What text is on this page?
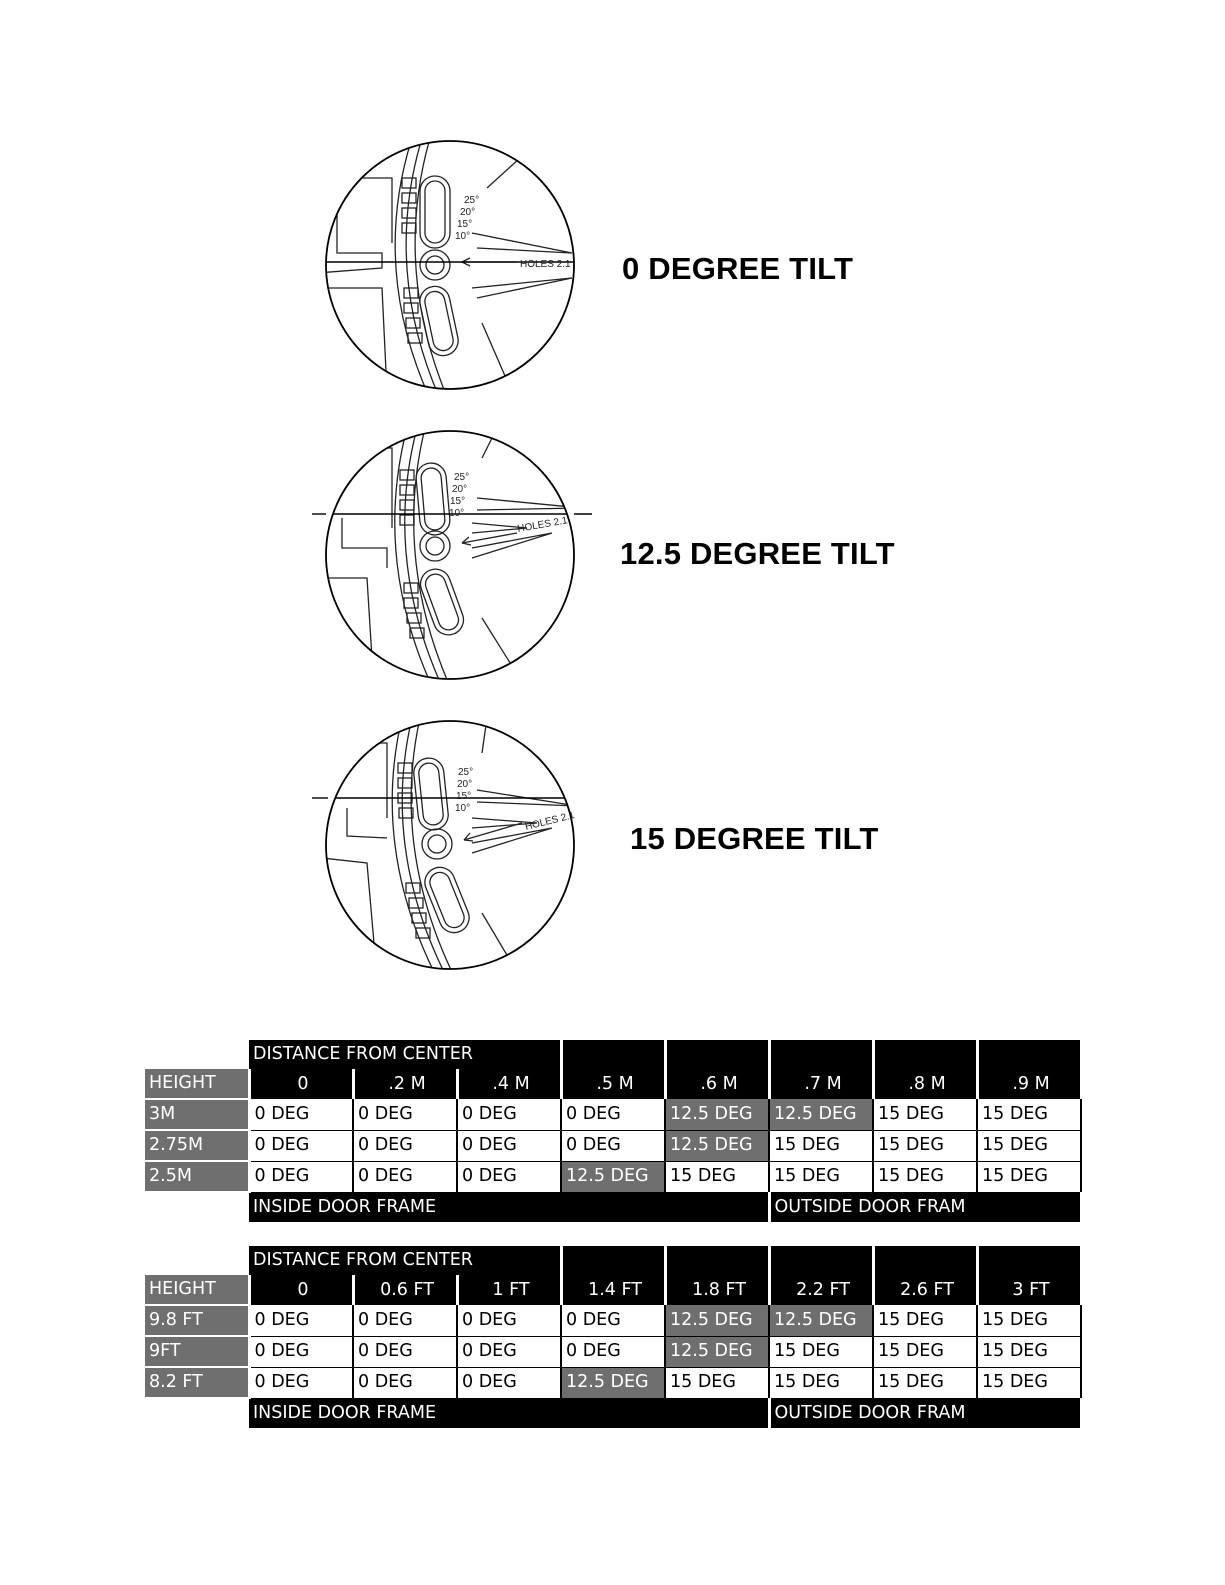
25°
20°
15°
10°
HOLES 2.1 0 DEGREE TILT
25°
20°
15°
10°
HOLES 2.1
12.5 DEGREE TILT
25°
20°
15°
10°
HOLES 2.1 15 DEGREE TILT
	DISTANCE FROM CENTER							
HEIGHT	0	.2 M	.4 M	.5 M	.6 M	.7 M	.8 M	.9 M
3M	0 DEG	0 DEG	0 DEG	0 DEG	12.5 DEG	12.5 DEG	15 DEG	15 DEG
2.75M	0 DEG	0 DEG	0 DEG	0 DEG	12.5 DEG	15 DEG	15 DEG	15 DEG
2.5M	0 DEG	0 DEG	0 DEG	12.5 DEG	15 DEG	15 DEG	15 DEG	15 DEG
	INSIDE DOOR FRAME					OUTSIDE DOOR FRAM		
	DISTANCE FROM CENTER							
HEIGHT	0	0.6 FT	1 FT	1.4 FT	1.8 FT	2.2 FT	2.6 FT	3 FT
9.8 FT	0 DEG	0 DEG	0 DEG	0 DEG	12.5 DEG	12.5 DEG	15 DEG	15 DEG
9FT	0 DEG	0 DEG	0 DEG	0 DEG	12.5 DEG	15 DEG	15 DEG	15 DEG
8.2 FT	0 DEG	0 DEG	0 DEG	12.5 DEG	15 DEG	15 DEG	15 DEG	15 DEG
	INSIDE DOOR FRAME					OUTSIDE DOOR FRAM		
